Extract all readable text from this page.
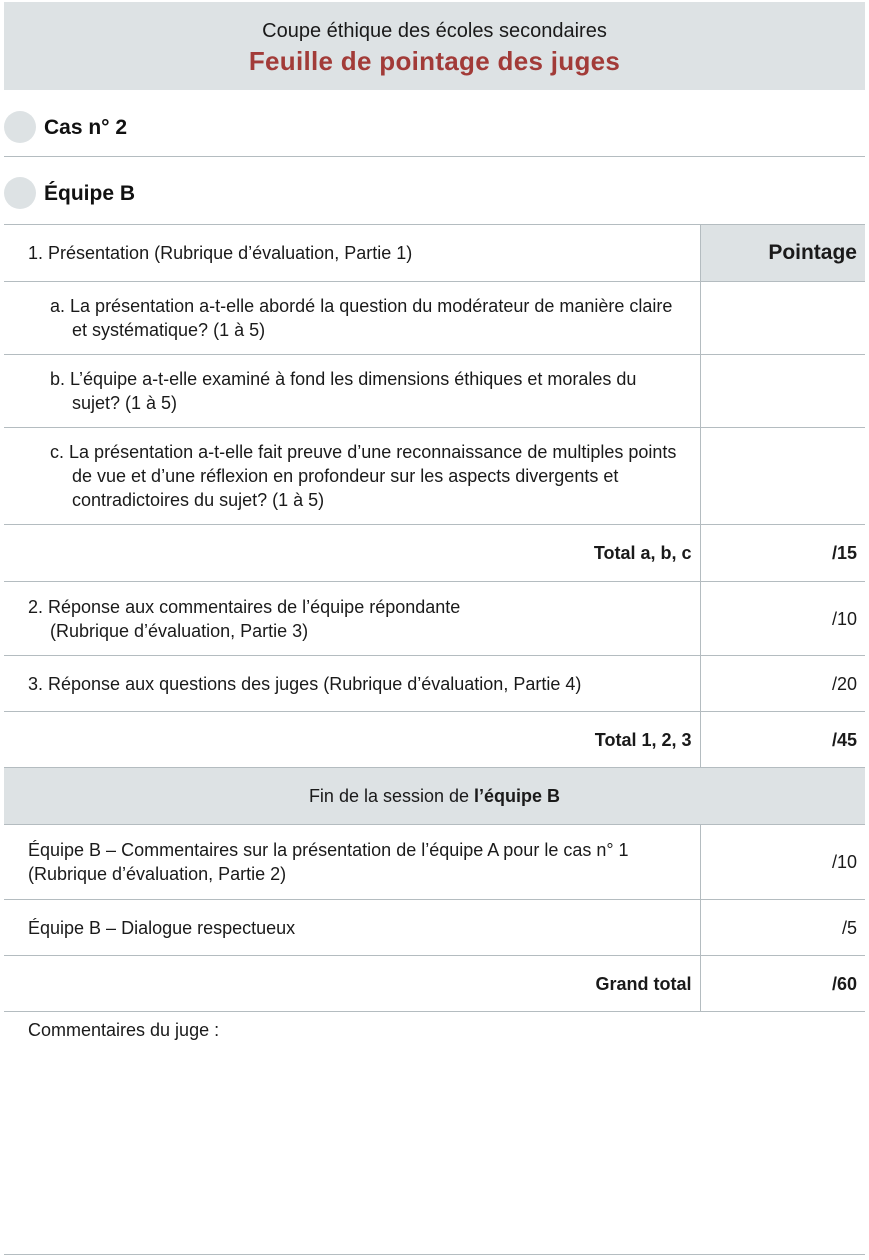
Coupe éthique des écoles secondaires
Feuille de pointage des juges
Cas n° 2
Équipe B
1. Présentation (Rubrique d’évaluation, Partie 1)	Pointage

a. La présentation a-t-elle abordé la question du modérateur de manière claire et systématique? (1 à 5)	

b. L’équipe a-t-elle examiné à fond les dimensions éthiques et morales du sujet? (1 à 5)	

c. La présentation a-t-elle fait preuve d’une reconnaissance de multiples points de vue et d’une réflexion en profondeur sur les aspects divergents et contradictoires du sujet? (1 à 5)	

Total a, b, c	/15
2. Réponse aux commentaires de l’équipe répondante
(Rubrique d’évaluation, Partie 3)	/10
3. Réponse aux questions des juges (Rubrique d’évaluation, Partie 4)	/20
Total 1, 2, 3	/45
Fin de la session de l’équipe B	
Équipe B – Commentaires sur la présentation de l’équipe A pour le cas n° 1
(Rubrique d’évaluation, Partie 2)	/10
Équipe B – Dialogue respectueux	/5
Grand total	/60
Commentaires du juge :
